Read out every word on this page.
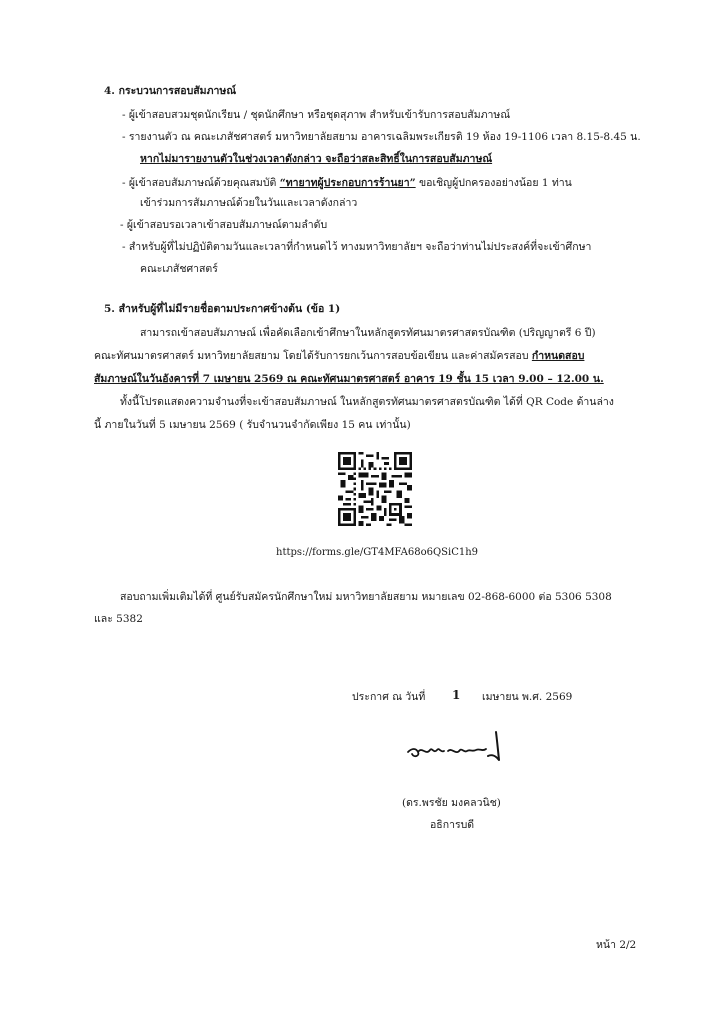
4. กระบวนการสอบสัมภาษณ์
- ผู้เข้าสอบสวมชุดนักเรียน / ชุดนักศึกษา หรือชุดสุภาพ สำหรับเข้ารับการสอบสัมภาษณ์
- รายงานตัว ณ คณะเภสัชศาสตร์ มหาวิทยาลัยสยาม อาคารเฉลิมพระเกียรติ 19 ห้อง 19-1106 เวลา 8.15-8.45 น.
หากไม่มารายงานตัวในช่วงเวลาดังกล่าว จะถือว่าสละสิทธิ์ในการสอบสัมภาษณ์
- ผู้เข้าสอบสัมภาษณ์ด้วยคุณสมบัติ “ทายาทผู้ประกอบการร้านยา” ขอเชิญผู้ปกครองอย่างน้อย 1 ท่าน
เข้าร่วมการสัมภาษณ์ด้วยในวันและเวลาดังกล่าว
- ผู้เข้าสอบรอเวลาเข้าสอบสัมภาษณ์ตามลำดับ
- สำหรับผู้ที่ไม่ปฏิบัติตามวันและเวลาที่กำหนดไว้ ทางมหาวิทยาลัยฯ จะถือว่าท่านไม่ประสงค์ที่จะเข้าศึกษา
คณะเภสัชศาสตร์
5. สำหรับผู้ที่ไม่มีรายชื่อตามประกาศข้างต้น (ข้อ 1)
สามารถเข้าสอบสัมภาษณ์ เพื่อคัดเลือกเข้าศึกษาในหลักสูตรทัศนมาตรศาสตรบัณฑิต (ปริญญาตรี 6 ปี)
คณะทัศนมาตรศาสตร์ มหาวิทยาลัยสยาม โดยได้รับการยกเว้นการสอบข้อเขียน และค่าสมัครสอบ กำหนดสอบ
สัมภาษณ์ในวันอังคารที่ 7 เมษายน 2569 ณ คณะทัศนมาตรศาสตร์ อาคาร 19 ชั้น 15 เวลา 9.00 – 12.00 น.
ทั้งนี้โปรดแสดงความจำนงที่จะเข้าสอบสัมภาษณ์ ในหลักสูตรทัศนมาตรศาสตรบัณฑิต ได้ที่ QR Code ด้านล่าง
นี้ ภายในวันที่ 5 เมษายน 2569 ( รับจำนวนจำกัดเพียง 15 คน เท่านั้น)
https://forms.gle/GT4MFA68o6QSiC1h9
สอบถามเพิ่มเติมได้ที่ ศูนย์รับสมัครนักศึกษาใหม่ มหาวิทยาลัยสยาม หมายเลข 02-868-6000 ต่อ 5306 5308
และ 5382
ประกาศ ณ วันที่ 1 เมษายน พ.ศ. 2569
(ดร.พรชัย มงคลวนิช)
อธิการบดี
หน้า 2/2
